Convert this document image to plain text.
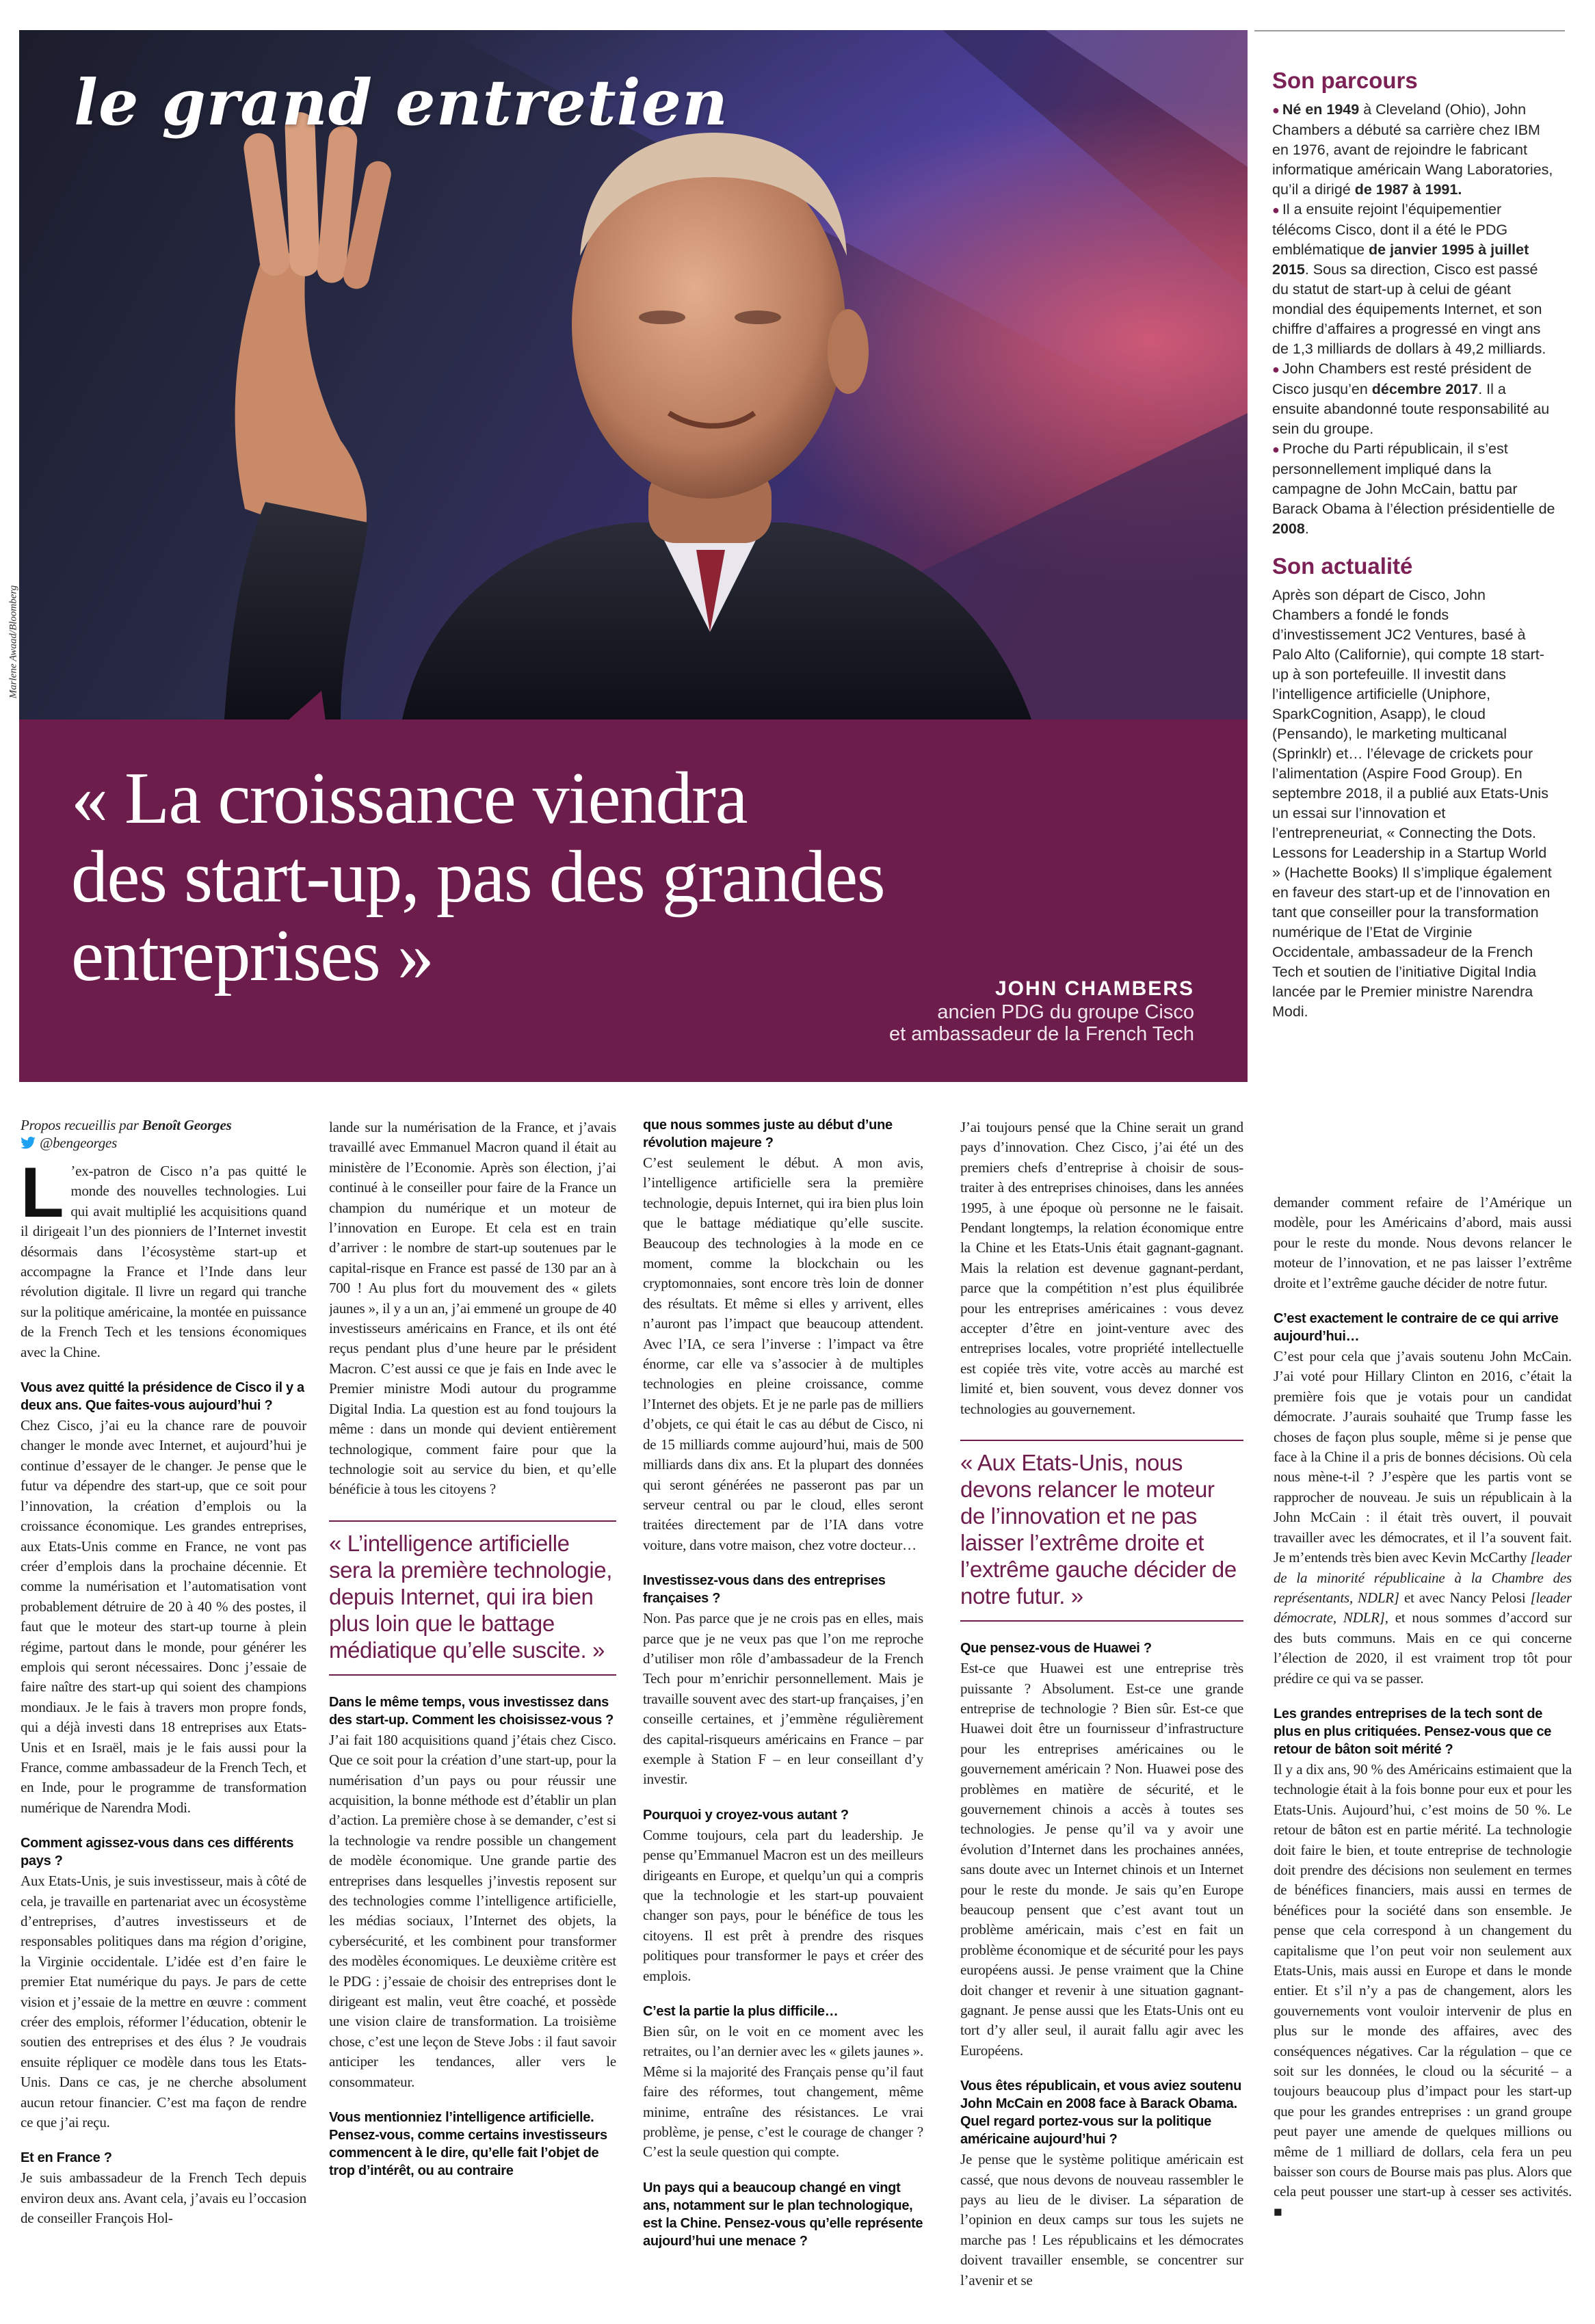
le grand entretien
Marlene Awaad/Bloomberg
« La croissance viendra
des start-up, pas des grandes
entreprises »	JOHN CHAMBERS
ancien PDG du groupe Cisco
et ambassadeur de la French Tech
Son parcours

● Né en 1949 à Cleveland (Ohio), John Chambers a débuté sa carrière chez IBM en 1976, avant de rejoindre le fabricant informatique américain Wang Laboratories, qu’il a dirigé de 1987 à 1991.

● Il a ensuite rejoint l’équipementier télécoms Cisco, dont il a été le PDG emblématique de janvier 1995 à juillet 2015. Sous sa direction, Cisco est passé du statut de start-up à celui de géant mondial des équipements Internet, et son chiffre d’affaires a progressé en vingt ans de 1,3 milliards de dollars à 49,2 milliards.

● John Chambers est resté président de Cisco jusqu’en décembre 2017. Il a ensuite abandonné toute responsabilité au sein du groupe.

● Proche du Parti républicain, il s’est personnellement impliqué dans la campagne de John McCain, battu par Barack Obama à l’élection présidentielle de 2008.

Son actualité

Après son départ de Cisco, John Chambers a fondé le fonds d’investissement JC2 Ventures, basé à Palo Alto (Californie), qui compte 18 start-up à son portefeuille. Il investit dans l’intelligence artificielle (Uniphore, SparkCognition, Asapp), le cloud (Pensando), le marketing multicanal (Sprinklr) et… l’élevage de crickets pour l’alimentation (Aspire Food Group). En septembre 2018, il a publié aux Etats-Unis un essai sur l’innovation et l’entrepreneuriat, « Connecting the Dots. Lessons for Leadership in a Startup World » (Hachette Books) Il s’implique également en faveur des start-up et de l’innovation en tant que conseiller pour la transformation numérique de l’Etat de Virginie Occidentale, ambassadeur de la French Tech et soutien de l’initiative Digital India lancée par le Premier ministre Narendra Modi.

Propos recueillis par Benoît Georges
@bengeorges

L ’ex-patron de Cisco n’a pas quitté le monde des nouvelles technologies. Lui qui avait multiplié les acquisitions quand il dirigeait l’un des pionniers de l’Internet investit désormais dans l’écosystème start-up et accompagne la France et l’Inde dans leur révolution digitale. Il livre un regard qui tranche sur la politique américaine, la montée en puissance de la French Tech et les tensions économiques avec la Chine.

Vous avez quitté la présidence de Cisco il y a deux ans. Que faites-vous aujourd’hui ?

Chez Cisco, j’ai eu la chance rare de pouvoir changer le monde avec Internet, et aujourd’hui je continue d’essayer de le changer. Je pense que le futur va dépendre des start-up, que ce soit pour l’innovation, la création d’emplois ou la croissance économique. Les grandes entreprises, aux Etats-Unis comme en France, ne vont pas créer d’emplois dans la prochaine décennie. Et comme la numérisation et l’automatisation vont probablement détruire de 20 à 40 % des postes, il faut que le moteur des start-up tourne à plein régime, partout dans le monde, pour générer les emplois qui seront nécessaires. Donc j’essaie de faire naître des start-up qui soient des champions mondiaux. Je le fais à travers mon propre fonds, qui a déjà investi dans 18 entreprises aux Etats-Unis et en Israël, mais je le fais aussi pour la France, comme ambassadeur de la French Tech, et en Inde, pour le programme de transformation numérique de Narendra Modi.

Comment agissez-vous dans ces différents pays ?

Aux Etats-Unis, je suis investisseur, mais à côté de cela, je travaille en partenariat avec un écosystème d’entreprises, d’autres investisseurs et de responsables politiques dans ma région d’origine, la Virginie occidentale. L’idée est d’en faire le premier Etat numérique du pays. Je pars de cette vision et j’essaie de la mettre en œuvre : comment créer des emplois, réformer l’éducation, obtenir le soutien des entreprises et des élus ? Je voudrais ensuite répliquer ce modèle dans tous les Etats-Unis. Dans ce cas, je ne cherche absolument aucun retour financier. C’est ma façon de rendre ce que j’ai reçu.

Et en France ?

Je suis ambassadeur de la French Tech depuis environ deux ans. Avant cela, j’avais eu l’occasion de conseiller François Hol-

lande sur la numérisation de la France, et j’avais travaillé avec Emmanuel Macron quand il était au ministère de l’Economie. Après son élection, j’ai continué à le conseiller pour faire de la France un champion du numérique et un moteur de l’innovation en Europe. Et cela est en train d’arriver : le nombre de start-up soutenues par le capital-risque en France est passé de 130 par an à 700 ! Au plus fort du mouvement des « gilets jaunes », il y a un an, j’ai emmené un groupe de 40 investisseurs américains en France, et ils ont été reçus pendant plus d’une heure par le président Macron. C’est aussi ce que je fais en Inde avec le Premier ministre Modi autour du programme Digital India. La question est au fond toujours la même : dans un monde qui devient entièrement technologique, comment faire pour que la technologie soit au service du bien, et qu’elle bénéficie à tous les citoyens ?

« L’intelligence artificielle sera la première technologie, depuis Internet, qui ira bien plus loin que le battage médiatique qu’elle suscite. »

Dans le même temps, vous investissez dans des start-up. Comment les choisissez-vous ?

J’ai fait 180 acquisitions quand j’étais chez Cisco. Que ce soit pour la création d’une start-up, pour la numérisation d’un pays ou pour réussir une acquisition, la bonne méthode est d’établir un plan d’action. La première chose à se demander, c’est si la technologie va rendre possible un changement de modèle économique. Une grande partie des entreprises dans lesquelles j’investis reposent sur des technologies comme l’intelligence artificielle, les médias sociaux, l’Internet des objets, la cybersécurité, et les combinent pour transformer des modèles économiques. Le deuxième critère est le PDG : j’essaie de choisir des entreprises dont le dirigeant est malin, veut être coaché, et possède une vision claire de transformation. La troisième chose, c’est une leçon de Steve Jobs : il faut savoir anticiper les tendances, aller vers le consommateur.

Vous mentionniez l’intelligence artificielle. Pensez-vous, comme certains investisseurs commencent à le dire, qu’elle fait l’objet de trop d’intérêt, ou au contraire

que nous sommes juste au début d’une révolution majeure ?

C’est seulement le début. A mon avis, l’intelligence artificielle sera la première technologie, depuis Internet, qui ira bien plus loin que le battage médiatique qu’elle suscite. Beaucoup des technologies à la mode en ce moment, comme la blockchain ou les cryptomonnaies, sont encore très loin de donner des résultats. Et même si elles y arrivent, elles n’auront pas l’impact que beaucoup attendent. Avec l’IA, ce sera l’inverse : l’impact va être énorme, car elle va s’associer à de multiples technologies en pleine croissance, comme l’Internet des objets. Et je ne parle pas de milliers d’objets, ce qui était le cas au début de Cisco, ni de 15 milliards comme aujourd’hui, mais de 500 milliards dans dix ans. Et la plupart des données qui seront générées ne passeront pas par un serveur central ou par le cloud, elles seront traitées directement par de l’IA dans votre voiture, dans votre maison, chez votre docteur…

Investissez-vous dans des entreprises françaises ?

Non. Pas parce que je ne crois pas en elles, mais parce que je ne veux pas que l’on me reproche d’utiliser mon rôle d’ambassadeur de la French Tech pour m’enrichir personnellement. Mais je travaille souvent avec des start-up françaises, j’en conseille certaines, et j’emmène régulièrement des capital-risqueurs américains en France – par exemple à Station F – en leur conseillant d’y investir.

Pourquoi y croyez-vous autant ?

Comme toujours, cela part du leadership. Je pense qu’Emmanuel Macron est un des meilleurs dirigeants en Europe, et quelqu’un qui a compris que la technologie et les start-up pouvaient changer son pays, pour le bénéfice de tous les citoyens. Il est prêt à prendre des risques politiques pour transformer le pays et créer des emplois.

C’est la partie la plus difficile…

Bien sûr, on le voit en ce moment avec les retraites, ou l’an dernier avec les « gilets jaunes ». Même si la majorité des Français pense qu’il faut faire des réformes, tout changement, même minime, entraîne des résistances. Le vrai problème, je pense, c’est le courage de changer ? C’est la seule question qui compte.

Un pays qui a beaucoup changé en vingt ans, notamment sur le plan technologique, est la Chine. Pensez-vous qu’elle représente aujourd’hui une menace ?

J’ai toujours pensé que la Chine serait un grand pays d’innovation. Chez Cisco, j’ai été un des premiers chefs d’entreprise à choisir de sous-traiter à des entreprises chinoises, dans les années 1995, à une époque où personne ne le faisait. Pendant longtemps, la relation économique entre la Chine et les Etats-Unis était gagnant-gagnant. Mais la relation est devenue gagnant-perdant, parce que la compétition n’est plus équilibrée pour les entreprises américaines : vous devez accepter d’être en joint-venture avec des entreprises locales, votre propriété intellectuelle est copiée très vite, votre accès au marché est limité et, bien souvent, vous devez donner vos technologies au gouvernement.

« Aux Etats-Unis, nous devons relancer le moteur de l’innovation et ne pas laisser l’extrême droite et l’extrême gauche décider de notre futur. »

Que pensez-vous de Huawei ?

Est-ce que Huawei est une entreprise très puissante ? Absolument. Est-ce une grande entreprise de technologie ? Bien sûr. Est-ce que Huawei doit être un fournisseur d’infrastructure pour les entreprises américaines ou le gouvernement américain ? Non. Huawei pose des problèmes en matière de sécurité, et le gouvernement chinois a accès à toutes ses technologies. Je pense qu’il va y avoir une évolution d’Internet dans les prochaines années, sans doute avec un Internet chinois et un Internet pour le reste du monde. Je sais qu’en Europe beaucoup pensent que c’est avant tout un problème américain, mais c’est en fait un problème économique et de sécurité pour les pays européens aussi. Je pense vraiment que la Chine doit changer et revenir à une situation gagnant-gagnant. Je pense aussi que les Etats-Unis ont eu tort d’y aller seul, il aurait fallu agir avec les Européens.

Vous êtes républicain, et vous aviez soutenu John McCain en 2008 face à Barack Obama. Quel regard portez-vous sur la politique américaine aujourd’hui ?

Je pense que le système politique américain est cassé, que nous devons de nouveau rassembler le pays au lieu de le diviser. La séparation de l’opinion en deux camps sur tous les sujets ne marche pas ! Les républicains et les démocrates doivent travailler ensemble, se concentrer sur l’avenir et se

demander comment refaire de l’Amérique un modèle, pour les Américains d’abord, mais aussi pour le reste du monde. Nous devons relancer le moteur de l’innovation, et ne pas laisser l’extrême droite et l’extrême gauche décider de notre futur.

C’est exactement le contraire de ce qui arrive aujourd’hui…

C’est pour cela que j’avais soutenu John McCain. J’ai voté pour Hillary Clinton en 2016, c’était la première fois que je votais pour un candidat démocrate. J’aurais souhaité que Trump fasse les choses de façon plus souple, même si je pense que face à la Chine il a pris de bonnes décisions. Où cela nous mène-t-il ? J’espère que les partis vont se rapprocher de nouveau. Je suis un républicain à la John McCain : il était très ouvert, il pouvait travailler avec les démocrates, et il l’a souvent fait. Je m’entends très bien avec Kevin McCarthy [leader de la minorité républicaine à la Chambre des représentants, NDLR] et avec Nancy Pelosi [leader démocrate, NDLR], et nous sommes d’accord sur des buts communs. Mais en ce qui concerne l’élection de 2020, il est vraiment trop tôt pour prédire ce qui va se passer.

Les grandes entreprises de la tech sont de plus en plus critiquées. Pensez-vous que ce retour de bâton soit mérité ?

Il y a dix ans, 90 % des Américains estimaient que la technologie était à la fois bonne pour eux et pour les Etats-Unis. Aujourd’hui, c’est moins de 50 %. Le retour de bâton est en partie mérité. La technologie doit faire le bien, et toute entreprise de technologie doit prendre des décisions non seulement en termes de bénéfices financiers, mais aussi en termes de bénéfices pour la société dans son ensemble. Je pense que cela correspond à un changement du capitalisme que l’on peut voir non seulement aux Etats-Unis, mais aussi en Europe et dans le monde entier. Et s’il n’y a pas de changement, alors les gouvernements vont vouloir intervenir de plus en plus sur le monde des affaires, avec des conséquences négatives. Car la régulation – que ce soit sur les données, le cloud ou la sécurité – a toujours beaucoup plus d’impact pour les start-up que pour les grandes entreprises : un grand groupe peut payer une amende de quelques millions ou même de 1 milliard de dollars, cela fera un peu baisser son cours de Bourse mais pas plus. Alors que cela peut pousser une start-up à cesser ses activités. ■
